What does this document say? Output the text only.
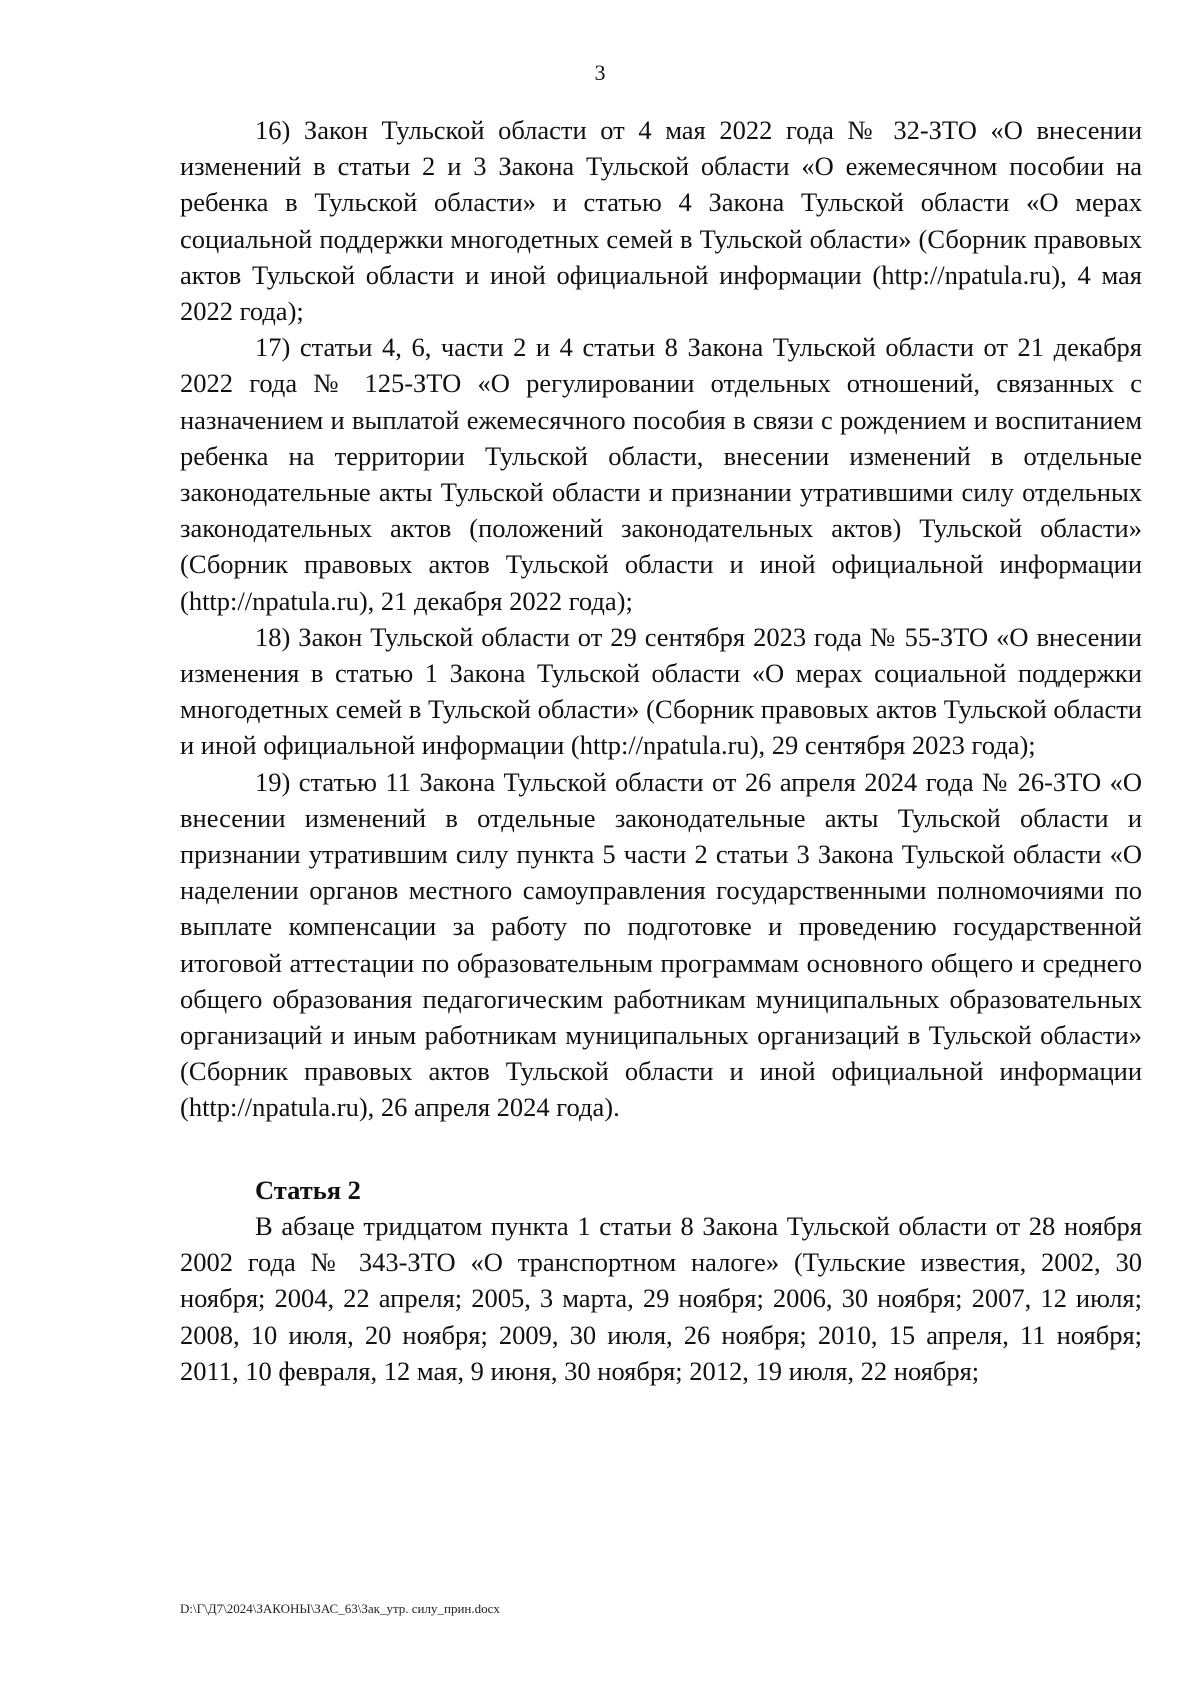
3

16) Закон Тульской области от 4 мая 2022 года № 32-ЗТО «О внесении изменений в статьи 2 и 3 Закона Тульской области «О ежемесячном пособии на ребенка в Тульской области» и статью 4 Закона Тульской области «О мерах социальной поддержки многодетных семей в Тульской области» (Сборник правовых актов Тульской области и иной официальной информации (http://npatula.ru), 4 мая 2022 года);

17) статьи 4, 6, части 2 и 4 статьи 8 Закона Тульской области от 21 декабря 2022 года № 125-ЗТО «О регулировании отдельных отношений, связанных с назначением и выплатой ежемесячного пособия в связи с рождением и воспитанием ребенка на территории Тульской области, внесении изменений в отдельные законодательные акты Тульской области и признании утратившими силу отдельных законодательных актов (положений законодательных актов) Тульской области» (Сборник правовых актов Тульской области и иной официальной информации (http://npatula.ru), 21 декабря 2022 года);

18) Закон Тульской области от 29 сентября 2023 года № 55-ЗТО «О внесении изменения в статью 1 Закона Тульской области «О мерах социальной поддержки многодетных семей в Тульской области» (Сборник правовых актов Тульской области и иной официальной информации (http://npatula.ru), 29 сентября 2023 года);

19) статью 11 Закона Тульской области от 26 апреля 2024 года № 26-ЗТО «О внесении изменений в отдельные законодательные акты Тульской области и признании утратившим силу пункта 5 части 2 статьи 3 Закона Тульской области «О наделении органов местного самоуправления государственными полномочиями по выплате компенсации за работу по подготовке и проведению государственной итоговой аттестации по образовательным программам основного общего и среднего общего образования педагогическим работникам муниципальных образовательных организаций и иным работникам муниципальных организаций в Тульской области» (Сборник правовых актов Тульской области и иной официальной информации (http://npatula.ru), 26 апреля 2024 года).

Статья 2

В абзаце тридцатом пункта 1 статьи 8 Закона Тульской области от 28 ноября 2002 года № 343-ЗТО «О транспортном налоге» (Тульские известия, 2002, 30 ноября; 2004, 22 апреля; 2005, 3 марта, 29 ноября; 2006, 30 ноября; 2007, 12 июля; 2008, 10 июля, 20 ноября; 2009, 30 июля, 26 ноября; 2010, 15 апреля, 11 ноября; 2011, 10 февраля, 12 мая, 9 июня, 30 ноября; 2012, 19 июля, 22 ноября;

D:\Г\Д7\2024\ЗАКОНЫ\ЗАС_63\Зак_утр. силу_прин.docx
